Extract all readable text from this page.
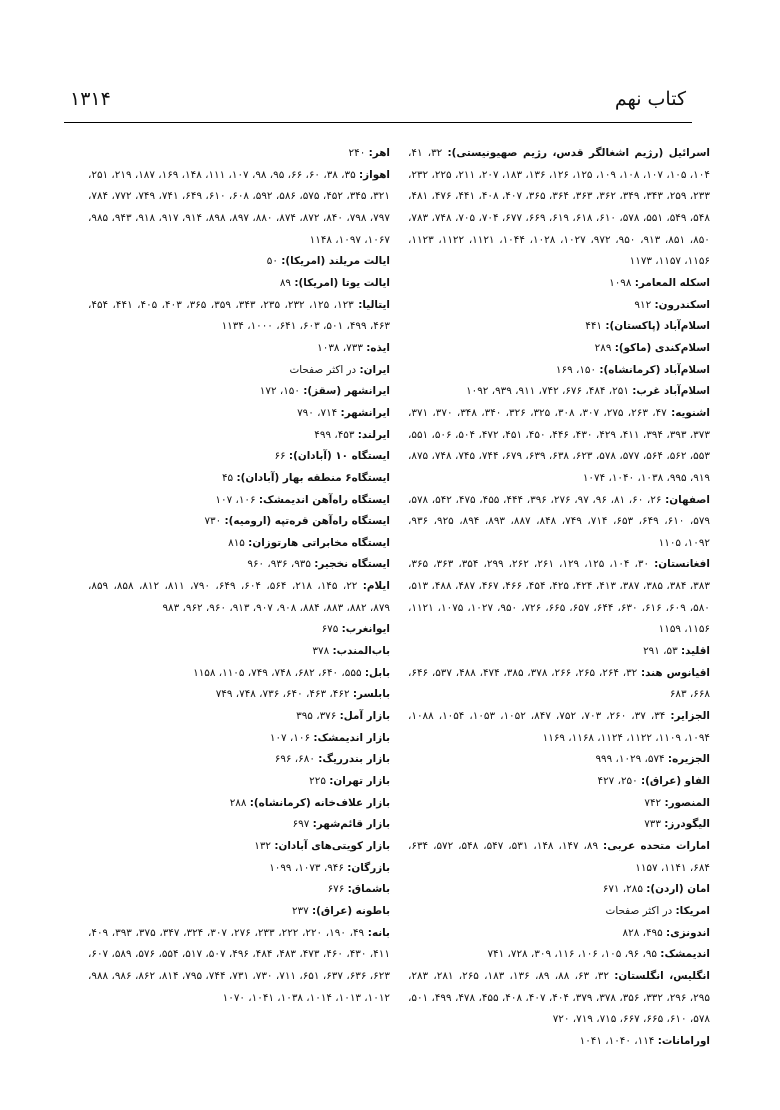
۱۳۱۴	کتاب نهم
اسرائیل (رژیم اشغالگر قدس، رژیم صهیونیستی): ۳۲، ۴۱، ۱۰۴، ۱۰۵، ۱۰۷، ۱۰۸، ۱۰۹، ۱۲۵، ۱۲۶، ۱۳۶، ۱۸۳، ۲۰۷، ۲۱۱، ۲۲۵، ۲۳۲، ۲۳۳، ۲۵۹، ۳۴۳، ۳۴۹، ۳۶۲، ۳۶۳، ۳۶۴، ۳۶۵، ۴۰۷، ۴۰۸، ۴۴۱، ۴۷۶، ۴۸۱، ۵۴۸، ۵۴۹، ۵۵۱، ۵۷۸، ۶۱۰، ۶۱۸، ۶۱۹، ۶۶۹، ۶۷۷، ۷۰۴، ۷۰۵، ۷۴۸، ۷۸۳، ۸۵۰، ۸۵۱، ۹۱۳، ۹۵۰، ۹۷۲، ۱۰۲۷، ۱۰۲۸، ۱۰۴۴، ۱۱۲۱، ۱۱۲۲، ۱۱۲۳، ۱۱۵۶، ۱۱۵۷، ۱۱۷۳
اسکله المعامر: ۱۰۹۸
اسکندرون: ۹۱۲
اسلام‌آباد (پاکستان): ۴۴۱
اسلام‌کندی (ماکو): ۲۸۹
اسلام‌آباد (کرمانشاه): ۱۵۰، ۱۶۹
اسلام‌آباد غرب: ۲۵۱، ۴۸۴، ۶۷۶، ۷۴۲، ۹۱۱، ۹۳۹، ۱۰۹۲
اشنویه: ۴۷، ۲۶۳، ۲۷۵، ۳۰۷، ۳۰۸، ۳۲۵، ۳۲۶، ۳۴۰، ۳۴۸، ۳۷۰، ۳۷۱، ۳۷۳، ۳۹۳، ۳۹۴، ۴۱۱، ۴۲۹، ۴۳۰، ۴۴۶، ۴۵۰، ۴۵۱، ۴۷۲، ۵۰۴، ۵۰۶، ۵۵۱، ۵۵۳، ۵۶۲، ۵۶۴، ۵۷۷، ۵۷۸، ۶۲۳، ۶۳۸، ۶۳۹، ۶۷۹، ۷۴۴، ۷۴۵، ۷۴۸، ۸۷۵، ۹۱۹، ۹۹۵، ۱۰۳۸، ۱۰۴۰، ۱۰۷۴
اصفهان: ۲۶، ۶۰، ۸۱، ۹۶، ۹۷، ۲۷۶، ۳۹۶، ۴۴۴، ۴۵۵، ۴۷۵، ۵۴۲، ۵۷۸، ۵۷۹، ۶۱۰، ۶۴۹، ۶۵۳، ۷۱۴، ۷۴۹، ۸۴۸، ۸۸۷، ۸۹۳، ۸۹۴، ۹۲۵، ۹۳۶، ۱۰۹۲، ۱۱۰۵
افغانستان: ۳۰، ۱۰۴، ۱۲۵، ۱۲۹، ۲۶۱، ۲۶۲، ۲۹۹، ۳۵۴، ۳۶۳، ۳۶۵، ۳۸۳، ۳۸۴، ۳۸۵، ۳۸۷، ۴۱۳، ۴۲۴، ۴۲۵، ۴۵۴، ۴۶۶، ۴۶۷، ۴۸۷، ۴۸۸، ۵۱۳، ۵۸۰، ۶۰۹، ۶۱۶، ۶۳۰، ۶۴۴، ۶۵۷، ۶۶۵، ۷۲۶، ۹۵۰، ۱۰۲۷، ۱۰۷۵، ۱۱۲۱، ۱۱۵۶، ۱۱۵۹
اقلید: ۵۳، ۲۹۱
اقیانوس هند: ۳۲، ۲۶۴، ۲۶۵، ۲۶۶، ۳۷۸، ۳۸۵، ۴۷۴، ۴۸۸، ۵۳۷، ۶۴۶، ۶۶۸، ۶۸۳
الجزایر: ۳۴، ۳۷، ۲۶۰، ۷۰۳، ۷۵۲، ۸۴۷، ۱۰۵۲، ۱۰۵۳، ۱۰۵۴، ۱۰۸۸، ۱۰۹۴، ۱۱۰۹، ۱۱۲۲، ۱۱۲۴، ۱۱۶۸، ۱۱۶۹
الجزیره: ۵۷۴، ۱۰۲۹، ۹۹۹
الفاو (عراق): ۲۵۰، ۴۲۷
المنصور: ۷۴۲
الیگودرز: ۷۳۳
امارات متحده عربی: ۸۹، ۱۴۷، ۱۴۸، ۵۳۱، ۵۴۷، ۵۴۸، ۵۷۲، ۶۳۴، ۶۸۴، ۱۱۴۱، ۱۱۵۷
امان (اردن): ۲۸۵، ۶۷۱
امریکا: در اکثر صفحات
اندونزی: ۴۹۵، ۸۲۸
اندیمشک: ۹۵، ۹۶، ۱۰۵، ۱۰۶، ۱۱۶، ۳۰۹، ۷۲۸، ۷۴۱
انگلیس، انگلستان: ۳۲، ۶۳، ۸۸، ۸۹، ۱۳۶، ۱۸۳، ۲۶۵، ۲۸۱، ۲۸۳، ۲۹۵، ۲۹۶، ۳۳۲، ۳۵۶، ۳۷۸، ۳۷۹، ۴۰۴، ۴۰۷، ۴۰۸، ۴۵۵، ۴۷۸، ۴۹۹، ۵۰۱، ۵۷۸، ۶۱۰، ۶۶۵، ۶۶۷، ۷۱۵، ۷۱۹، ۷۲۰
اورامانات: ۱۱۴، ۱۰۴۰، ۱۰۴۱
اهر: ۲۴۰
اهواز: ۳۵، ۳۸، ۶۰، ۶۶، ۹۵، ۹۸، ۱۰۷، ۱۱۱، ۱۴۸، ۱۶۹، ۱۸۷، ۲۱۹، ۲۵۱، ۳۲۱، ۳۴۵، ۴۵۲، ۵۷۵، ۵۸۶، ۵۹۲، ۶۰۸، ۶۱۰، ۶۴۹، ۷۴۱، ۷۴۹، ۷۷۲، ۷۸۴، ۷۹۷، ۷۹۸، ۸۴۰، ۸۷۲، ۸۷۴، ۸۸۰، ۸۹۷، ۸۹۸، ۹۱۴، ۹۱۷، ۹۱۸، ۹۴۳، ۹۸۵، ۱۰۶۷، ۱۰۹۷، ۱۱۴۸
ایالت مریلند (امریکا): ۵۰
ایالت یوتا (امریکا): ۸۹
ایتالیا: ۱۲۳، ۱۲۵، ۲۳۲، ۲۳۵، ۳۴۳، ۳۵۹، ۳۶۵، ۴۰۳، ۴۰۵، ۴۴۱، ۴۵۴، ۴۶۳، ۴۹۹، ۵۰۱، ۶۰۳، ۶۴۱، ۱۰۰۰، ۱۱۳۴
ایذه: ۷۳۳، ۱۰۳۸
ایران: در اکثر صفحات
ایرانشهر (سقز): ۱۵۰، ۱۷۲
ایرانشهر: ۷۱۴، ۷۹۰
ایرلند: ۴۵۳، ۴۹۹
ایستگاه ۱۰ (آبادان): ۶۶
ایستگاه۶ منطقه بهار (آبادان): ۴۵
ایستگاه راه‌آهن اندیمشک: ۱۰۶، ۱۰۷
ایستگاه راه‌آهن قره‌تپه (ارومیه): ۷۳۰
ایستگاه مخابراتی هارتوزان: ۸۱۵
ایستگاه نخجیر: ۹۳۵، ۹۳۶، ۹۶۰
ایلام: ۲۲، ۱۴۵، ۲۱۸، ۵۶۴، ۶۰۴، ۶۴۹، ۷۹۰، ۸۱۱، ۸۱۲، ۸۵۸، ۸۵۹، ۸۷۹، ۸۸۲، ۸۸۳، ۸۸۴، ۹۰۸، ۹۰۷، ۹۱۳، ۹۶۰، ۹۶۲، ۹۸۳
ایوانغرب: ۶۷۵
باب‌المندب: ۳۷۸
بابل: ۵۵۵، ۶۴۰، ۶۸۲، ۷۴۸، ۷۴۹، ۱۱۰۵، ۱۱۵۸
بابلسر: ۴۶۲، ۴۶۳، ۶۴۰، ۷۳۶، ۷۴۸، ۷۴۹
بازار آمل: ۳۷۶، ۳۹۵
بازار اندیمشک: ۱۰۶، ۱۰۷
بازار بندرریگ: ۶۸۰، ۶۹۶
بازار تهران: ۲۲۵
بازار علاف‌خانه (کرمانشاه): ۲۸۸
بازار قائم‌شهر: ۶۹۷
بازار کویتی‌های آبادان: ۱۳۲
بازرگان: ۹۴۶، ۱۰۷۳، ۱۰۹۹
باشماق: ۶۷۶
باطونه (عراق): ۲۳۷
بانه: ۴۹، ۱۹۰، ۲۲۰، ۲۲۲، ۲۳۳، ۲۷۶، ۳۰۷، ۳۲۴، ۳۴۷، ۳۷۵، ۳۹۳، ۴۰۹، ۴۱۱، ۴۳۰، ۴۶۰، ۴۷۳، ۴۸۳، ۴۸۴، ۴۹۶، ۵۰۷، ۵۱۷، ۵۵۴، ۵۷۶، ۵۸۹، ۶۰۷، ۶۲۳، ۶۳۶، ۶۳۷، ۶۵۱، ۷۱۱، ۷۳۰، ۷۳۱، ۷۴۴، ۷۹۵، ۸۱۴، ۸۶۲، ۹۸۶، ۹۸۸، ۱۰۱۲، ۱۰۱۳، ۱۰۱۴، ۱۰۳۸، ۱۰۴۱، ۱۰۷۰
